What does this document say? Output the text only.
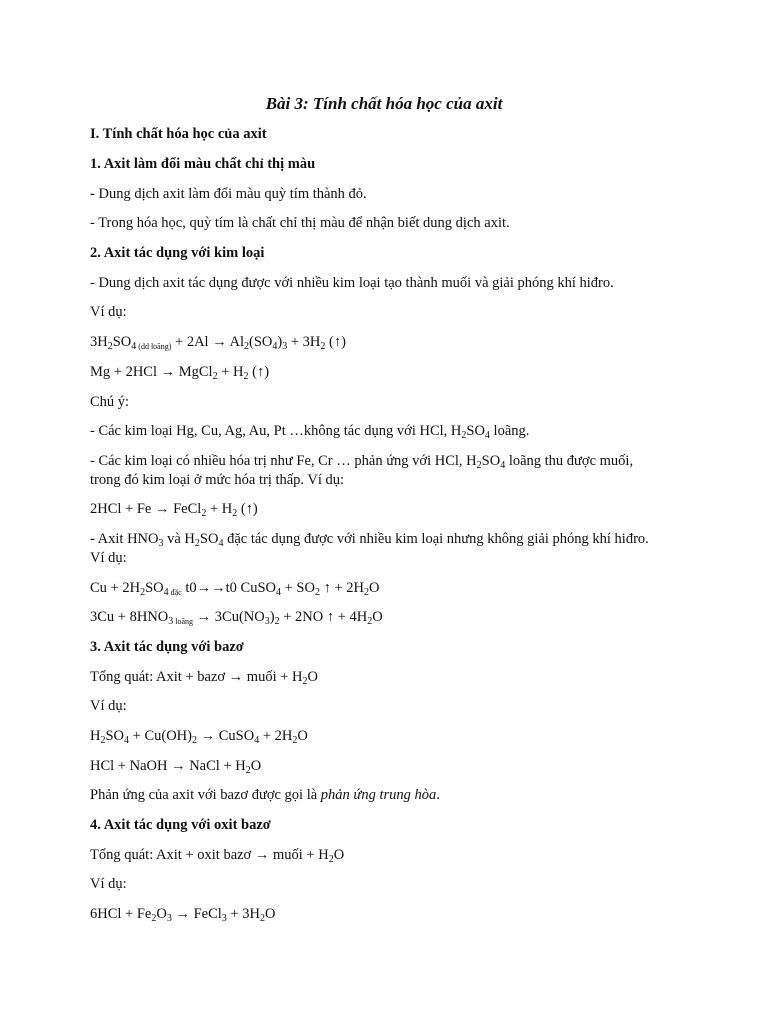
Bài 3: Tính chất hóa học của axit
I. Tính chất hóa học của axit
1. Axit làm đổi màu chất chỉ thị màu
- Dung dịch axit làm đổi màu quỳ tím thành đỏ.
- Trong hóa học, quỳ tím là chất chỉ thị màu để nhận biết dung dịch axit.
2. Axit tác dụng với kim loại
- Dung dịch axit tác dụng được với nhiều kim loại tạo thành muối và giải phóng khí hiđro.
Ví dụ:
$3H_2SO_4$ $_{(dd loãng)} + 2Al \to Al_2(SO_4)_3 + 3H_2$ (↑)
Mg + 2HCl → MgCl$_2$ + $H_2$ (↑)
Chú ý:
- Các kim loại Hg, Cu, Ag, Au, Pt …không tác dụng với HCl, $H_2SO_4$ loãng.
- Các kim loại có nhiều hóa trị như Fe, Cr … phản ứng với HCl, $H_2SO_4$ loãng thu được muối,
trong đó kim loại ở mức hóa trị thấp. Ví dụ:
2HCl + Fe → FeCl$_2$ + $H_2$ (↑)
- Axit $HNO_3$ và $H_2SO_4$ đặc tác dụng được với nhiều kim loại nhưng không giải phóng khí hiđro.
Ví dụ:
$Cu + 2H_2SO_4$ $_{đặc}$ t0→→t0 CuSO$_4$ + $SO_2$ ↑ + $2H_2O$
$3Cu + 8HNO_3$ $_{loãng} \to 3Cu(NO_3)_2 + 2NO$ ↑ + $4H_2O$
3. Axit tác dụng với bazơ
Tổng quát: Axit + bazơ → muối + $H_2O$
Ví dụ:
$H_2SO_4 + Cu(OH)_2$ → CuSO$_4$ + $2H_2O$
HCl + NaOH → NaCl + $H_2O$
Phản ứng của axit với bazơ được gọi là phản ứng trung hòa.
4. Axit tác dụng với oxit bazơ
Tổng quát: Axit + oxit bazơ → muối + $H_2O$
Ví dụ:
$6HCl + Fe_2O_3$ → FeCl$_3$ + $3H_2O$
